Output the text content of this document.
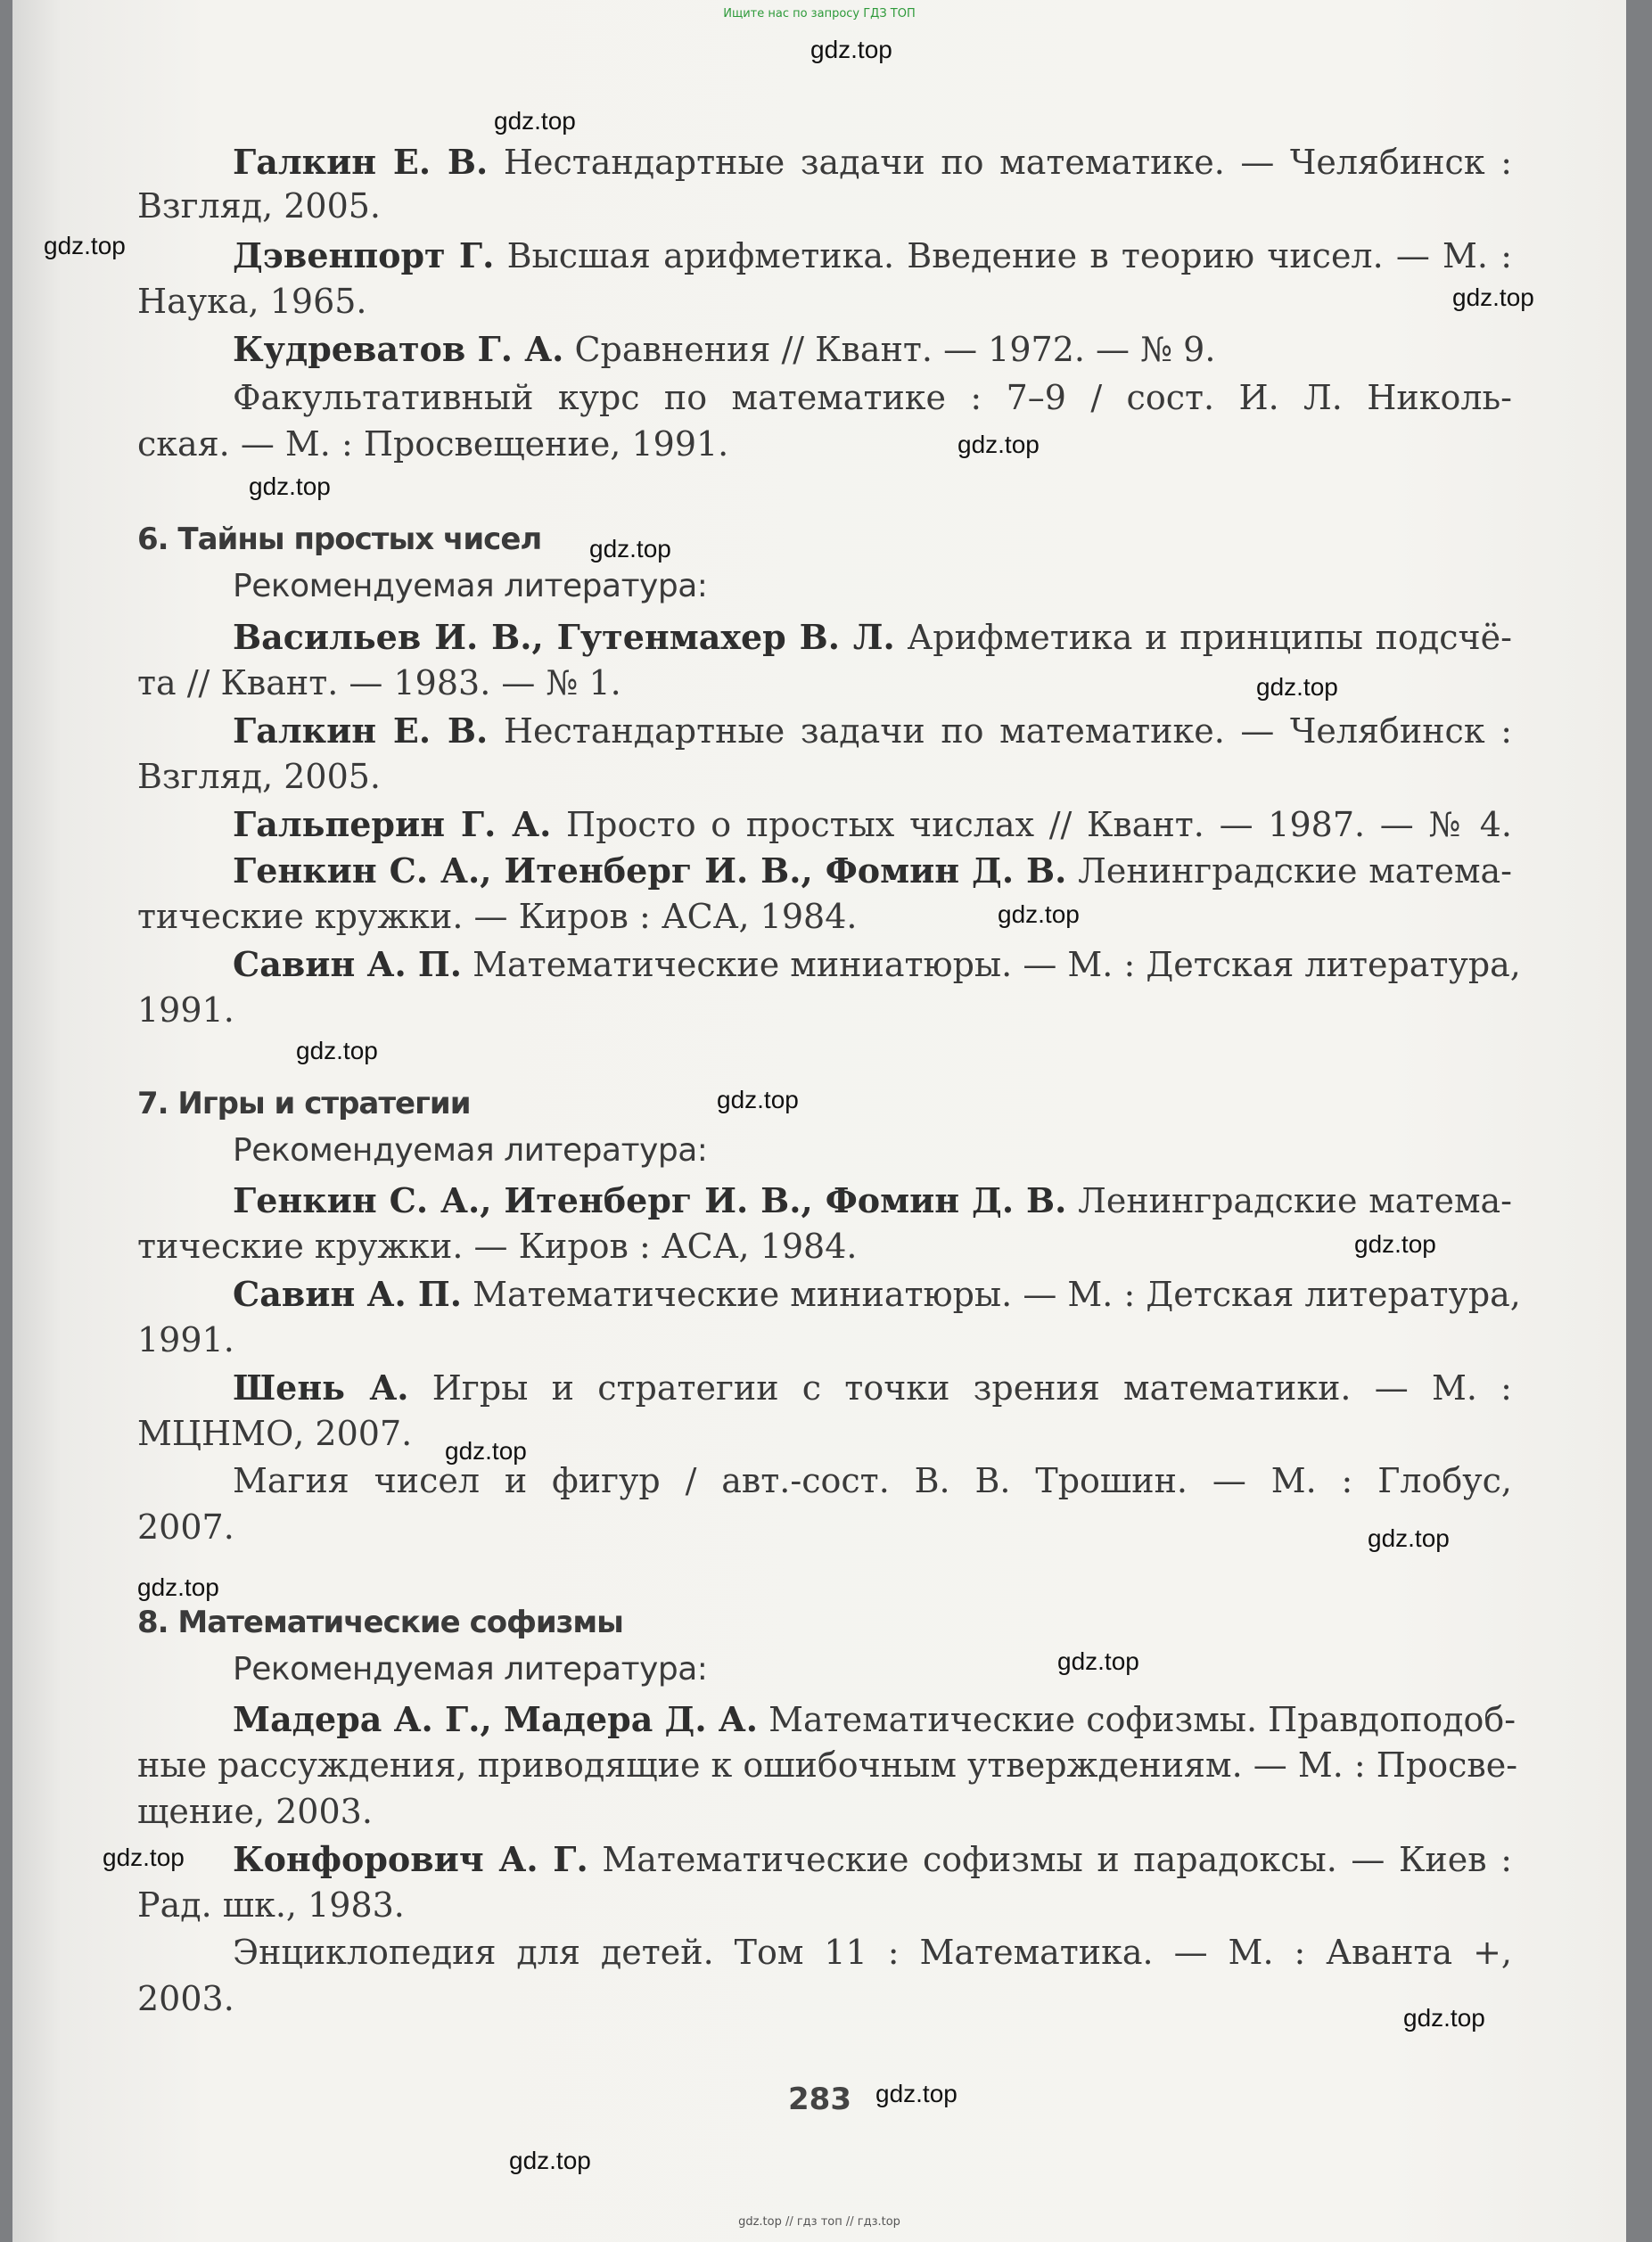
Ищите нас по запросу ГДЗ ТОП
Галкин Е. В. Нестандартные задачи по математике. — Челябинск :
Взгляд, 2005.
Дэвенпорт Г. Высшая арифметика. Введение в теорию чисел. — М. :
Наука, 1965.
Кудреватов Г. А. Сравнения // Квант. — 1972. — № 9.
Факультативный курс по математике : 7–9 / сост. И. Л. Николь-
ская. — М. : Просвещение, 1991.
6. Тайны простых чисел
Рекомендуемая литература:
Васильев И. В., Гутенмахер В. Л. Арифметика и принципы подсчё-
та // Квант. — 1983. — № 1.
Галкин Е. В. Нестандартные задачи по математике. — Челябинск :
Взгляд, 2005.
Гальперин Г. А. Просто о простых числах // Квант. — 1987. — № 4.
Генкин С. А., Итенберг И. В., Фомин Д. В. Ленинградские матема-
тические кружки. — Киров : АСА, 1984.
Савин А. П. Математические миниатюры. — М. : Детская литература,
1991.
7. Игры и стратегии
Рекомендуемая литература:
Генкин С. А., Итенберг И. В., Фомин Д. В. Ленинградские матема-
тические кружки. — Киров : АСА, 1984.
Савин А. П. Математические миниатюры. — М. : Детская литература,
1991.
Шень А. Игры и стратегии с точки зрения математики. — М. :
МЦНМО, 2007.
Магия чисел и фигур / авт.-сост. В. В. Трошин. — М. : Глобус,
2007.
8. Математические софизмы
Рекомендуемая литература:
Мадера А. Г., Мадера Д. А. Математические софизмы. Правдоподоб-
ные рассуждения, приводящие к ошибочным утверждениям. — М. : Просве-
щение, 2003.
Конфорович А. Г. Математические софизмы и парадоксы. — Киев :
Рад. шк., 1983.
Энциклопедия для детей. Том 11 : Математика. — М. : Аванта +,
2003.
283
gdz.top
gdz.top
gdz.top
gdz.top
gdz.top
gdz.top
gdz.top
gdz.top
gdz.top
gdz.top
gdz.top
gdz.top
gdz.top
gdz.top
gdz.top
gdz.top
gdz.top
gdz.top
gdz.top
gdz.top
gdz.top // гдз топ // гдз.top
